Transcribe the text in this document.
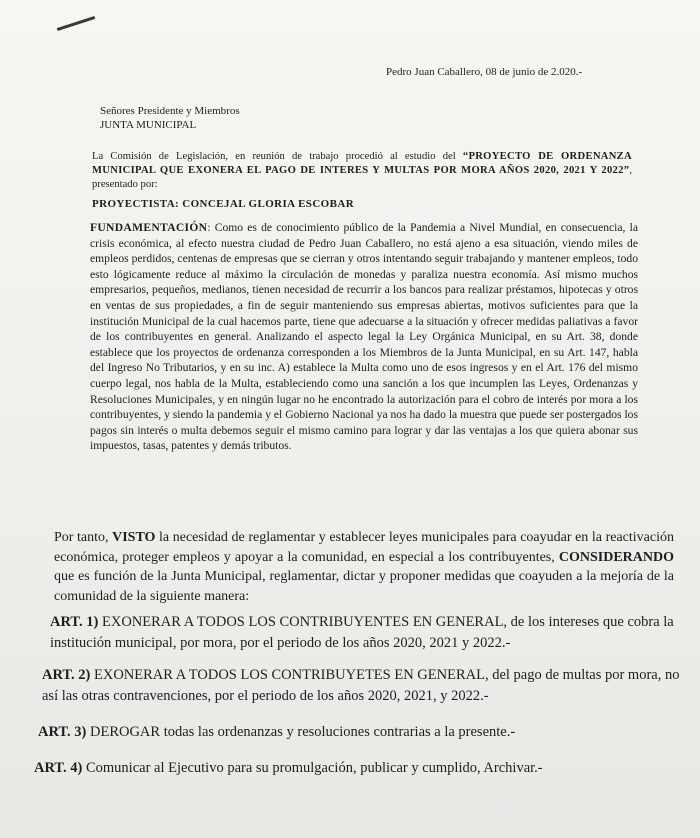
Pedro Juan Caballero, 08 de junio de 2.020.-
Señores Presidente y Miembros
JUNTA MUNICIPAL
La Comisión de Legislación, en reunión de trabajo procedió al estudio del “PROYECTO DE ORDENANZA MUNICIPAL QUE EXONERA EL PAGO DE INTERES Y MULTAS POR MORA AÑOS 2020, 2021 Y 2022”, presentado por:
PROYECTISTA: CONCEJAL GLORIA ESCOBAR
FUNDAMENTACIÓN: Como es de conocimiento público de la Pandemia a Nivel Mundial, en consecuencia, la crisis económica, al efecto nuestra ciudad de Pedro Juan Caballero, no está ajeno a esa situación, viendo miles de empleos perdidos, centenas de empresas que se cierran y otros intentando seguir trabajando y mantener empleos, todo esto lógicamente reduce al máximo la circulación de monedas y paraliza nuestra economía. Así mismo muchos empresarios, pequeños, medianos, tienen necesidad de recurrir a los bancos para realizar préstamos, hipotecas y otros en ventas de sus propiedades, a fin de seguir manteniendo sus empresas abiertas, motivos suficientes para que la institución Municipal de la cual hacemos parte, tiene que adecuarse a la situación y ofrecer medidas paliativas a favor de los contribuyentes en general. Analizando el aspecto legal la Ley Orgánica Municipal, en su Art. 38, donde establece que los proyectos de ordenanza corresponden a los Miembros de la Junta Municipal, en su Art. 147, habla del Ingreso No Tributarios, y en su inc. A) establece la Multa como uno de esos ingresos y en el Art. 176 del mismo cuerpo legal, nos habla de la Multa, estableciendo como una sanción a los que incumplen las Leyes, Ordenanzas y Resoluciones Municipales, y en ningún lugar no he encontrado la autorización para el cobro de interés por mora a los contribuyentes, y siendo la pandemia y el Gobierno Nacional ya nos ha dado la muestra que puede ser postergados los pagos sin interés o multa debemos seguir el mismo camino para lograr y dar las ventajas a los que quiera abonar sus impuestos, tasas, patentes y demás tributos.
Por tanto, VISTO la necesidad de reglamentar y establecer leyes municipales para coayudar en la reactivación económica, proteger empleos y apoyar a la comunidad, en especial a los contribuyentes, CONSIDERANDO que es función de la Junta Municipal, reglamentar, dictar y proponer medidas que coayuden a la mejoría de la comunidad de la siguiente manera:
ART. 1) EXONERAR A TODOS LOS CONTRIBUYENTES EN GENERAL, de los intereses que cobra la institución municipal, por mora, por el periodo de los años 2020, 2021 y 2022.-
ART. 2) EXONERAR A TODOS LOS CONTRIBUYETES EN GENERAL, del pago de multas por mora, no así las otras contravenciones, por el periodo de los años 2020, 2021, y 2022.-
ART. 3) DEROGAR todas las ordenanzas y resoluciones contrarias a la presente.-
ART. 4) Comunicar al Ejecutivo para su promulgación, publicar y cumplido, Archivar.-
